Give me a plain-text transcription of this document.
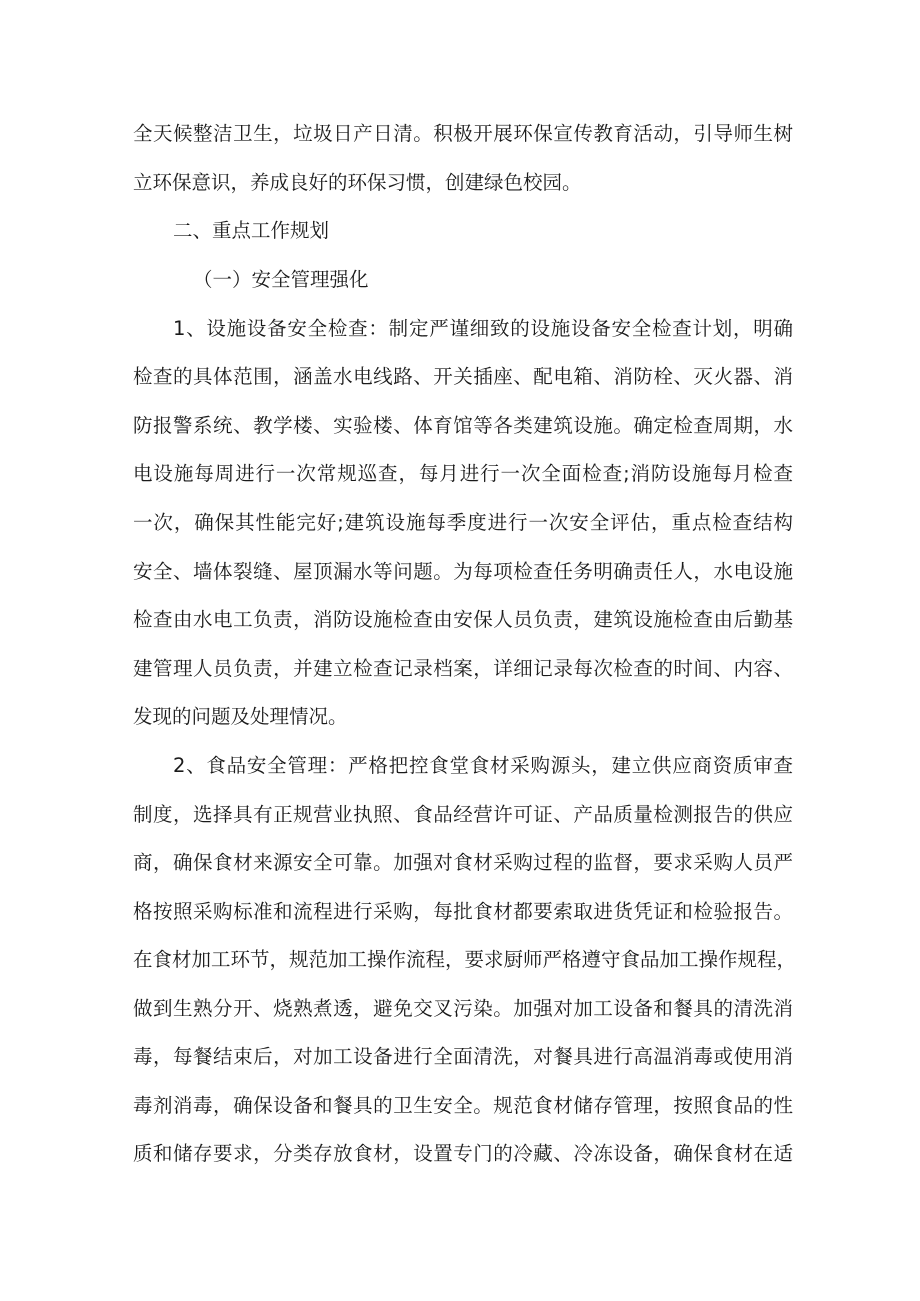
全天候整洁卫生，垃圾日产日清。积极开展环保宣传教育活动，引导师生树
立环保意识，养成良好的环保习惯，创建绿色校园。
二、重点工作规划
（一）安全管理强化
1、设施设备安全检查：制定严谨细致的设施设备安全检查计划，明确
检查的具体范围，涵盖水电线路、开关插座、配电箱、消防栓、灭火器、消
防报警系统、教学楼、实验楼、体育馆等各类建筑设施。确定检查周期，水
电设施每周进行一次常规巡查，每月进行一次全面检查;消防设施每月检查
一次，确保其性能完好;建筑设施每季度进行一次安全评估，重点检查结构
安全、墙体裂缝、屋顶漏水等问题。为每项检查任务明确责任人，水电设施
检查由水电工负责，消防设施检查由安保人员负责，建筑设施检查由后勤基
建管理人员负责，并建立检查记录档案，详细记录每次检查的时间、内容、
发现的问题及处理情况。
2、食品安全管理：严格把控食堂食材采购源头，建立供应商资质审查
制度，选择具有正规营业执照、食品经营许可证、产品质量检测报告的供应
商，确保食材来源安全可靠。加强对食材采购过程的监督，要求采购人员严
格按照采购标准和流程进行采购，每批食材都要索取进货凭证和检验报告。
在食材加工环节，规范加工操作流程，要求厨师严格遵守食品加工操作规程，
做到生熟分开、烧熟煮透，避免交叉污染。加强对加工设备和餐具的清洗消
毒，每餐结束后，对加工设备进行全面清洗，对餐具进行高温消毒或使用消
毒剂消毒，确保设备和餐具的卫生安全。规范食材储存管理，按照食品的性
质和储存要求，分类存放食材，设置专门的冷藏、冷冻设备，确保食材在适
